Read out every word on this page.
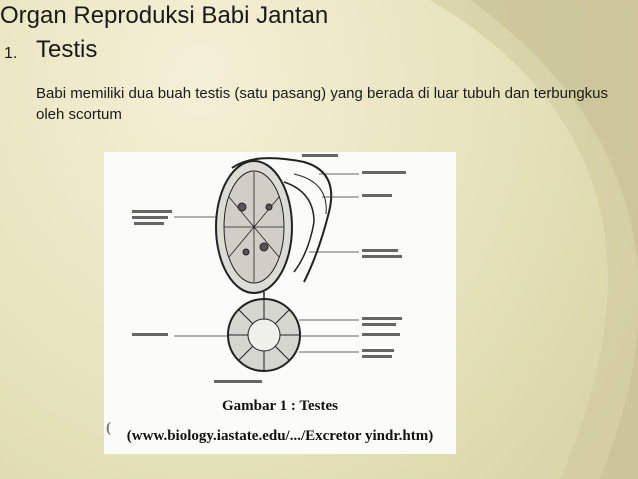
Organ Reproduksi Babi Jantan
1. Testis
Babi memiliki dua buah testis (satu pasang) yang berada di luar tubuh dan terbungkus oleh scortum
Gambar 1 : Testes
(	(www.biology.iastate.edu/.../Excretor yindr.htm)
